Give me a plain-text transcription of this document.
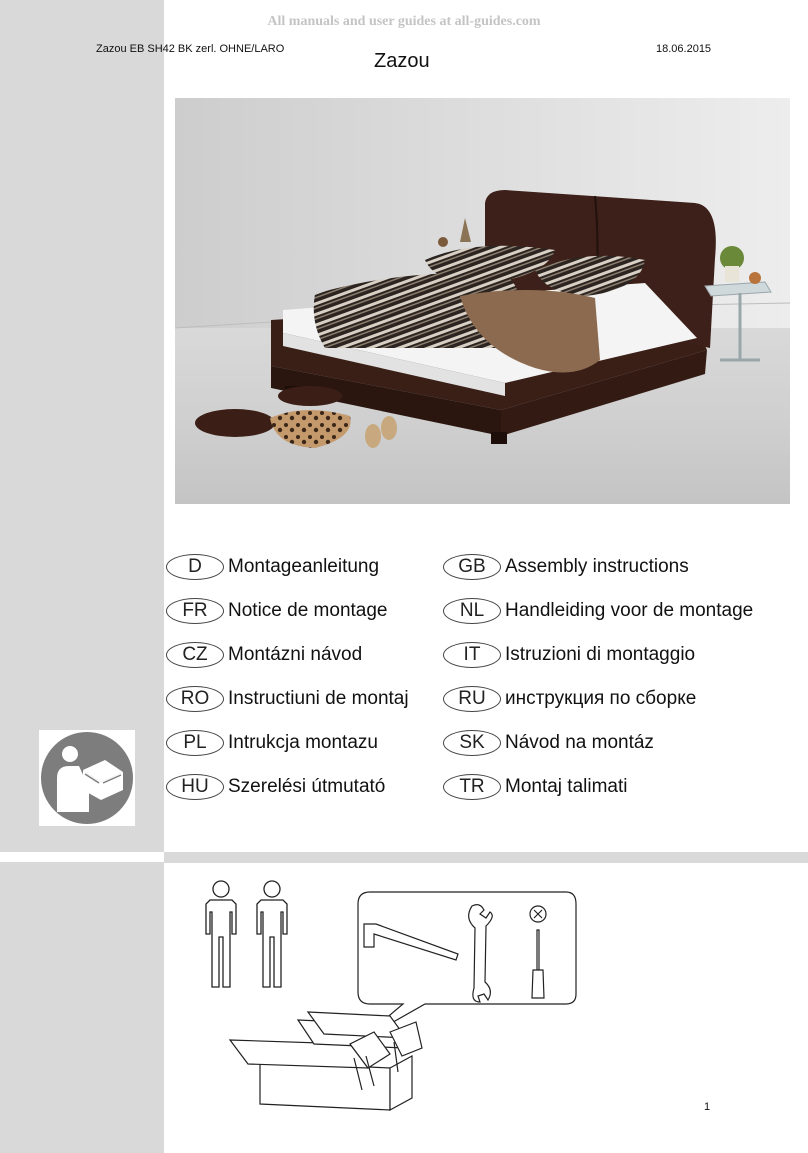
All manuals and user guides at all-guides.com
Zazou EB SH42 BK zerl. OHNE/LARO	18.06.2015
Zazou
D	Montageanleitung
FR	Notice de montage
CZ	Montázni návod
RO Instructiuni de montaj
PL	Intrukcja montazu
HU	Szerelési útmutató
GB	Assembly instructions
NL	Handleiding voor de montage
IT	Istruzioni di montaggio
RU	инструкция по сборке
SK	Návod na montáz
TR	Montaj talimati
1
